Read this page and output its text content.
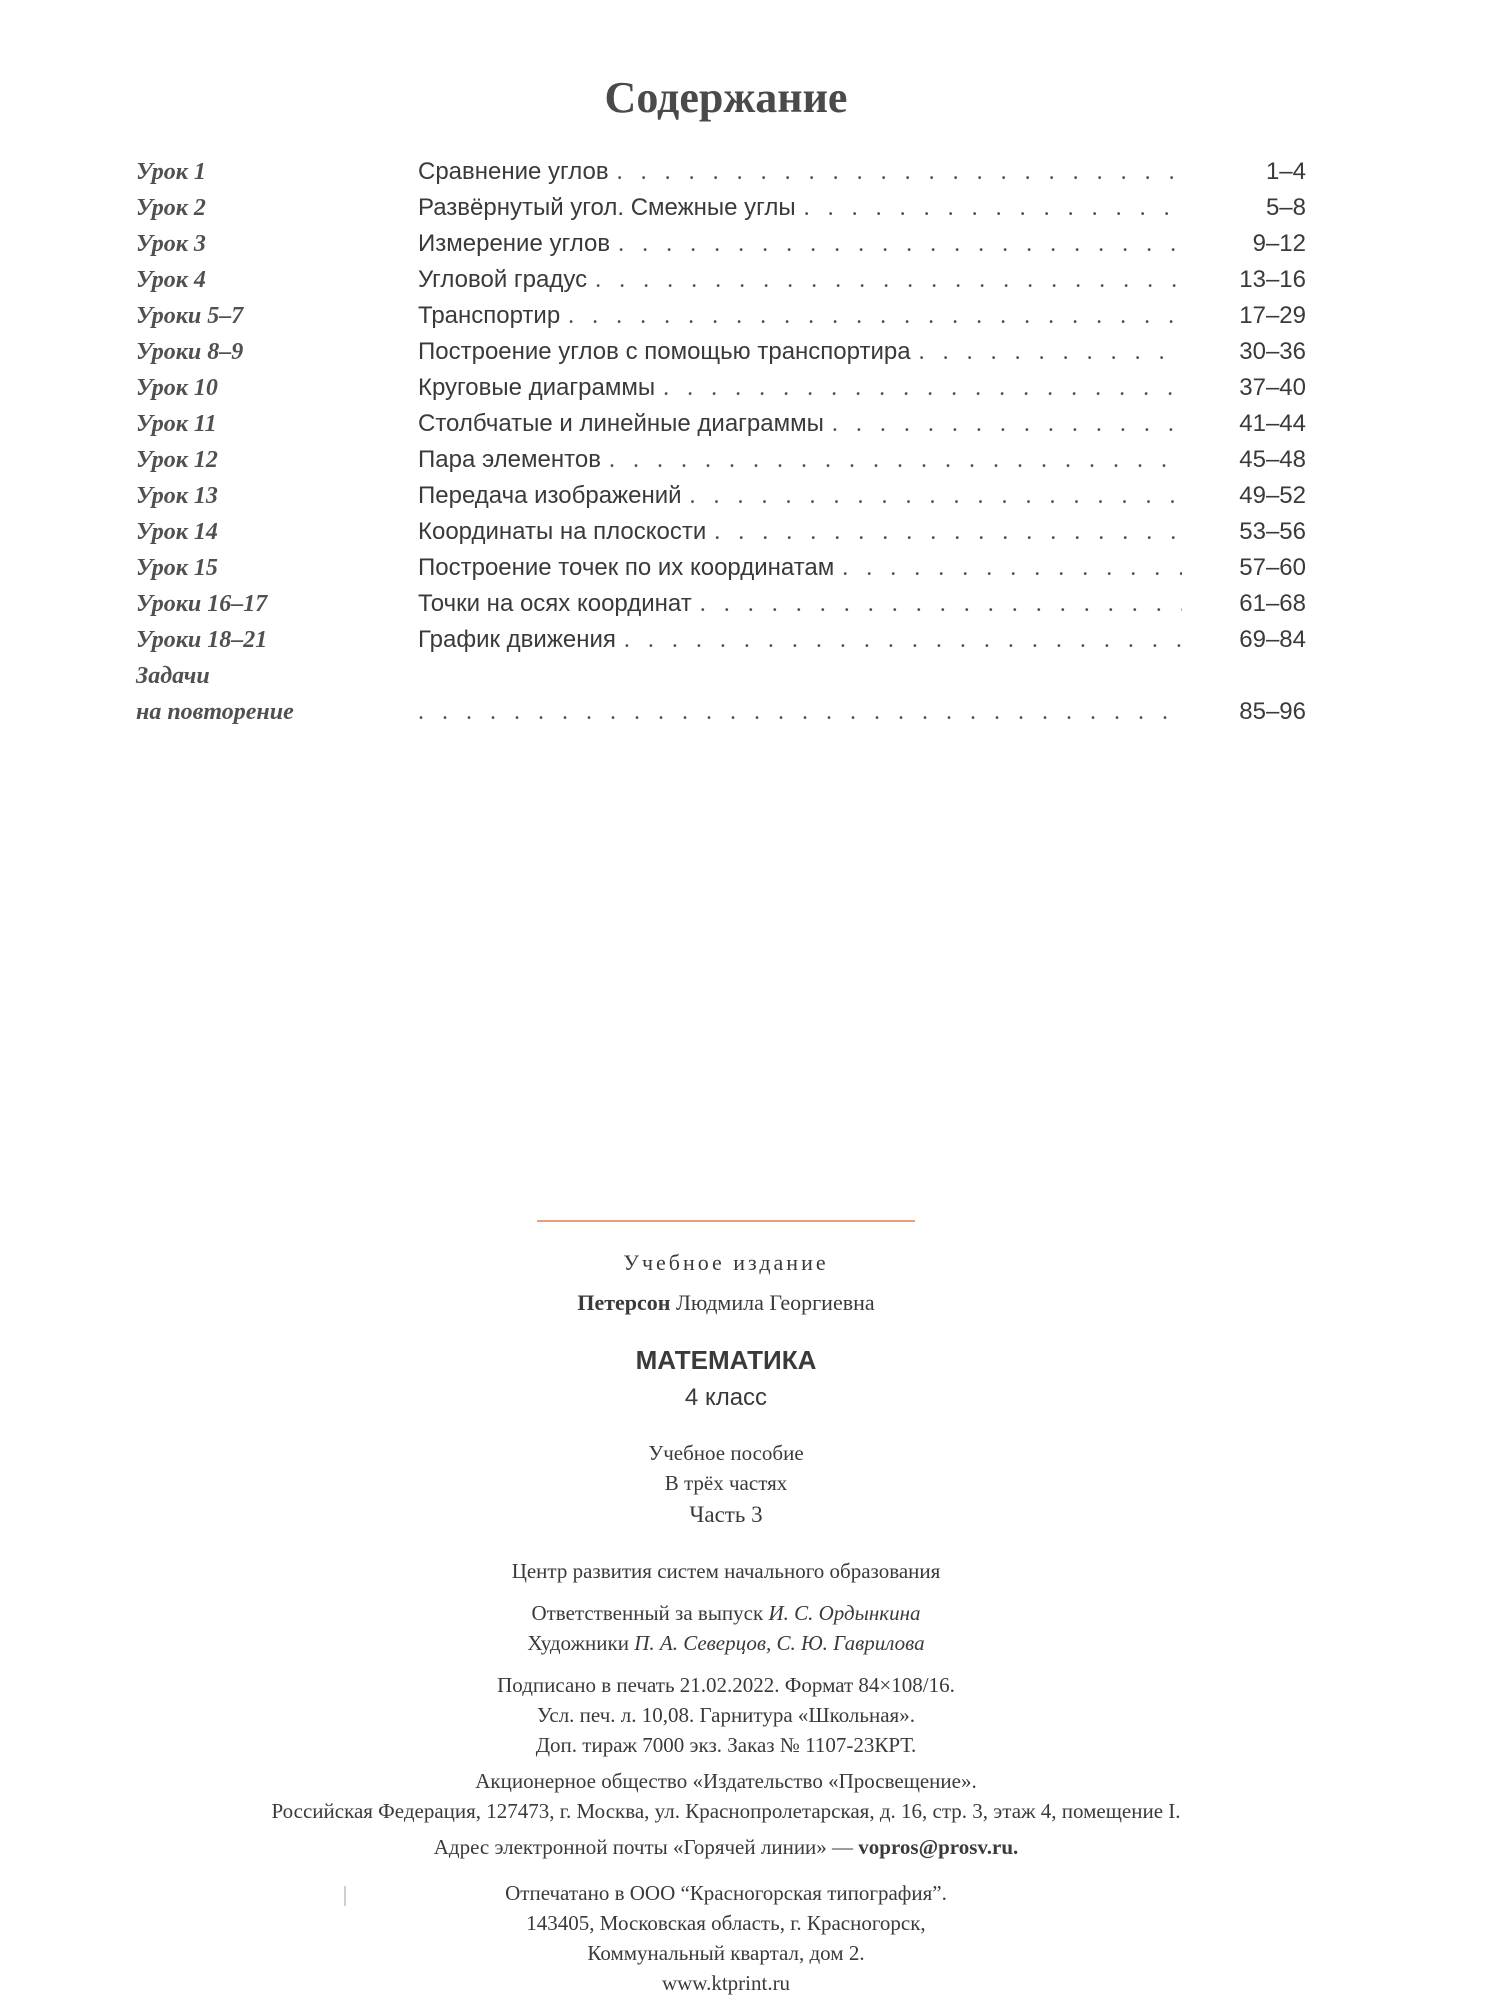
Содержание
Урок 1	Сравнение углов . . .	1–4
Урок 2	Развёрнутый угол. Смежные углы . . .	5–8
Урок 3	Измерение углов . . .	9–12
Урок 4	Угловой градус . . .	13–16
Уроки 5–7	Транспортир . . .	17–29
Уроки 8–9	Построение углов с помощью транспортира . . .	30–36
Урок 10	Круговые диаграммы . . .	37–40
Урок 11	Столбчатые и линейные диаграммы . . .	41–44
Урок 12	Пара элементов . . .	45–48
Урок 13	Передача изображений . . .	49–52
Урок 14	Координаты на плоскости . . .	53–56
Урок 15	Построение точек по их координатам . . .	57–60
Уроки 16–17	Точки на осях координат . . .	61–68
Уроки 18–21	График движения . . .	69–84
Задачи
на повторение . . .	85–96

Учебное издание

Петерсон Людмила Георгиевна

МАТЕМАТИКА

4 класс

Учебное пособие

В трёх частях

Часть 3

Центр развития систем начального образования

Ответственный за выпуск И. С. Ордынкина

Художники П. А. Северцов, С. Ю. Гаврилова

Подписано в печать 21.02.2022. Формат 84×108/16.

Усл. печ. л. 10,08. Гарнитура «Школьная».

Доп. тираж 7000 экз. Заказ № 1107-23КРТ.

Акционерное общество «Издательство «Просвещение».

Российская Федерация, 127473, г. Москва, ул. Краснопролетарская, д. 16, стр. 3, этаж 4, помещение I.

Адрес электронной почты «Горячей линии» — vopros@prosv.ru.

Отпечатано в ООО “Красногорская типография”.

143405, Московская область, г. Красногорск,

Коммунальный квартал, дом 2.

www.ktprint.ru
